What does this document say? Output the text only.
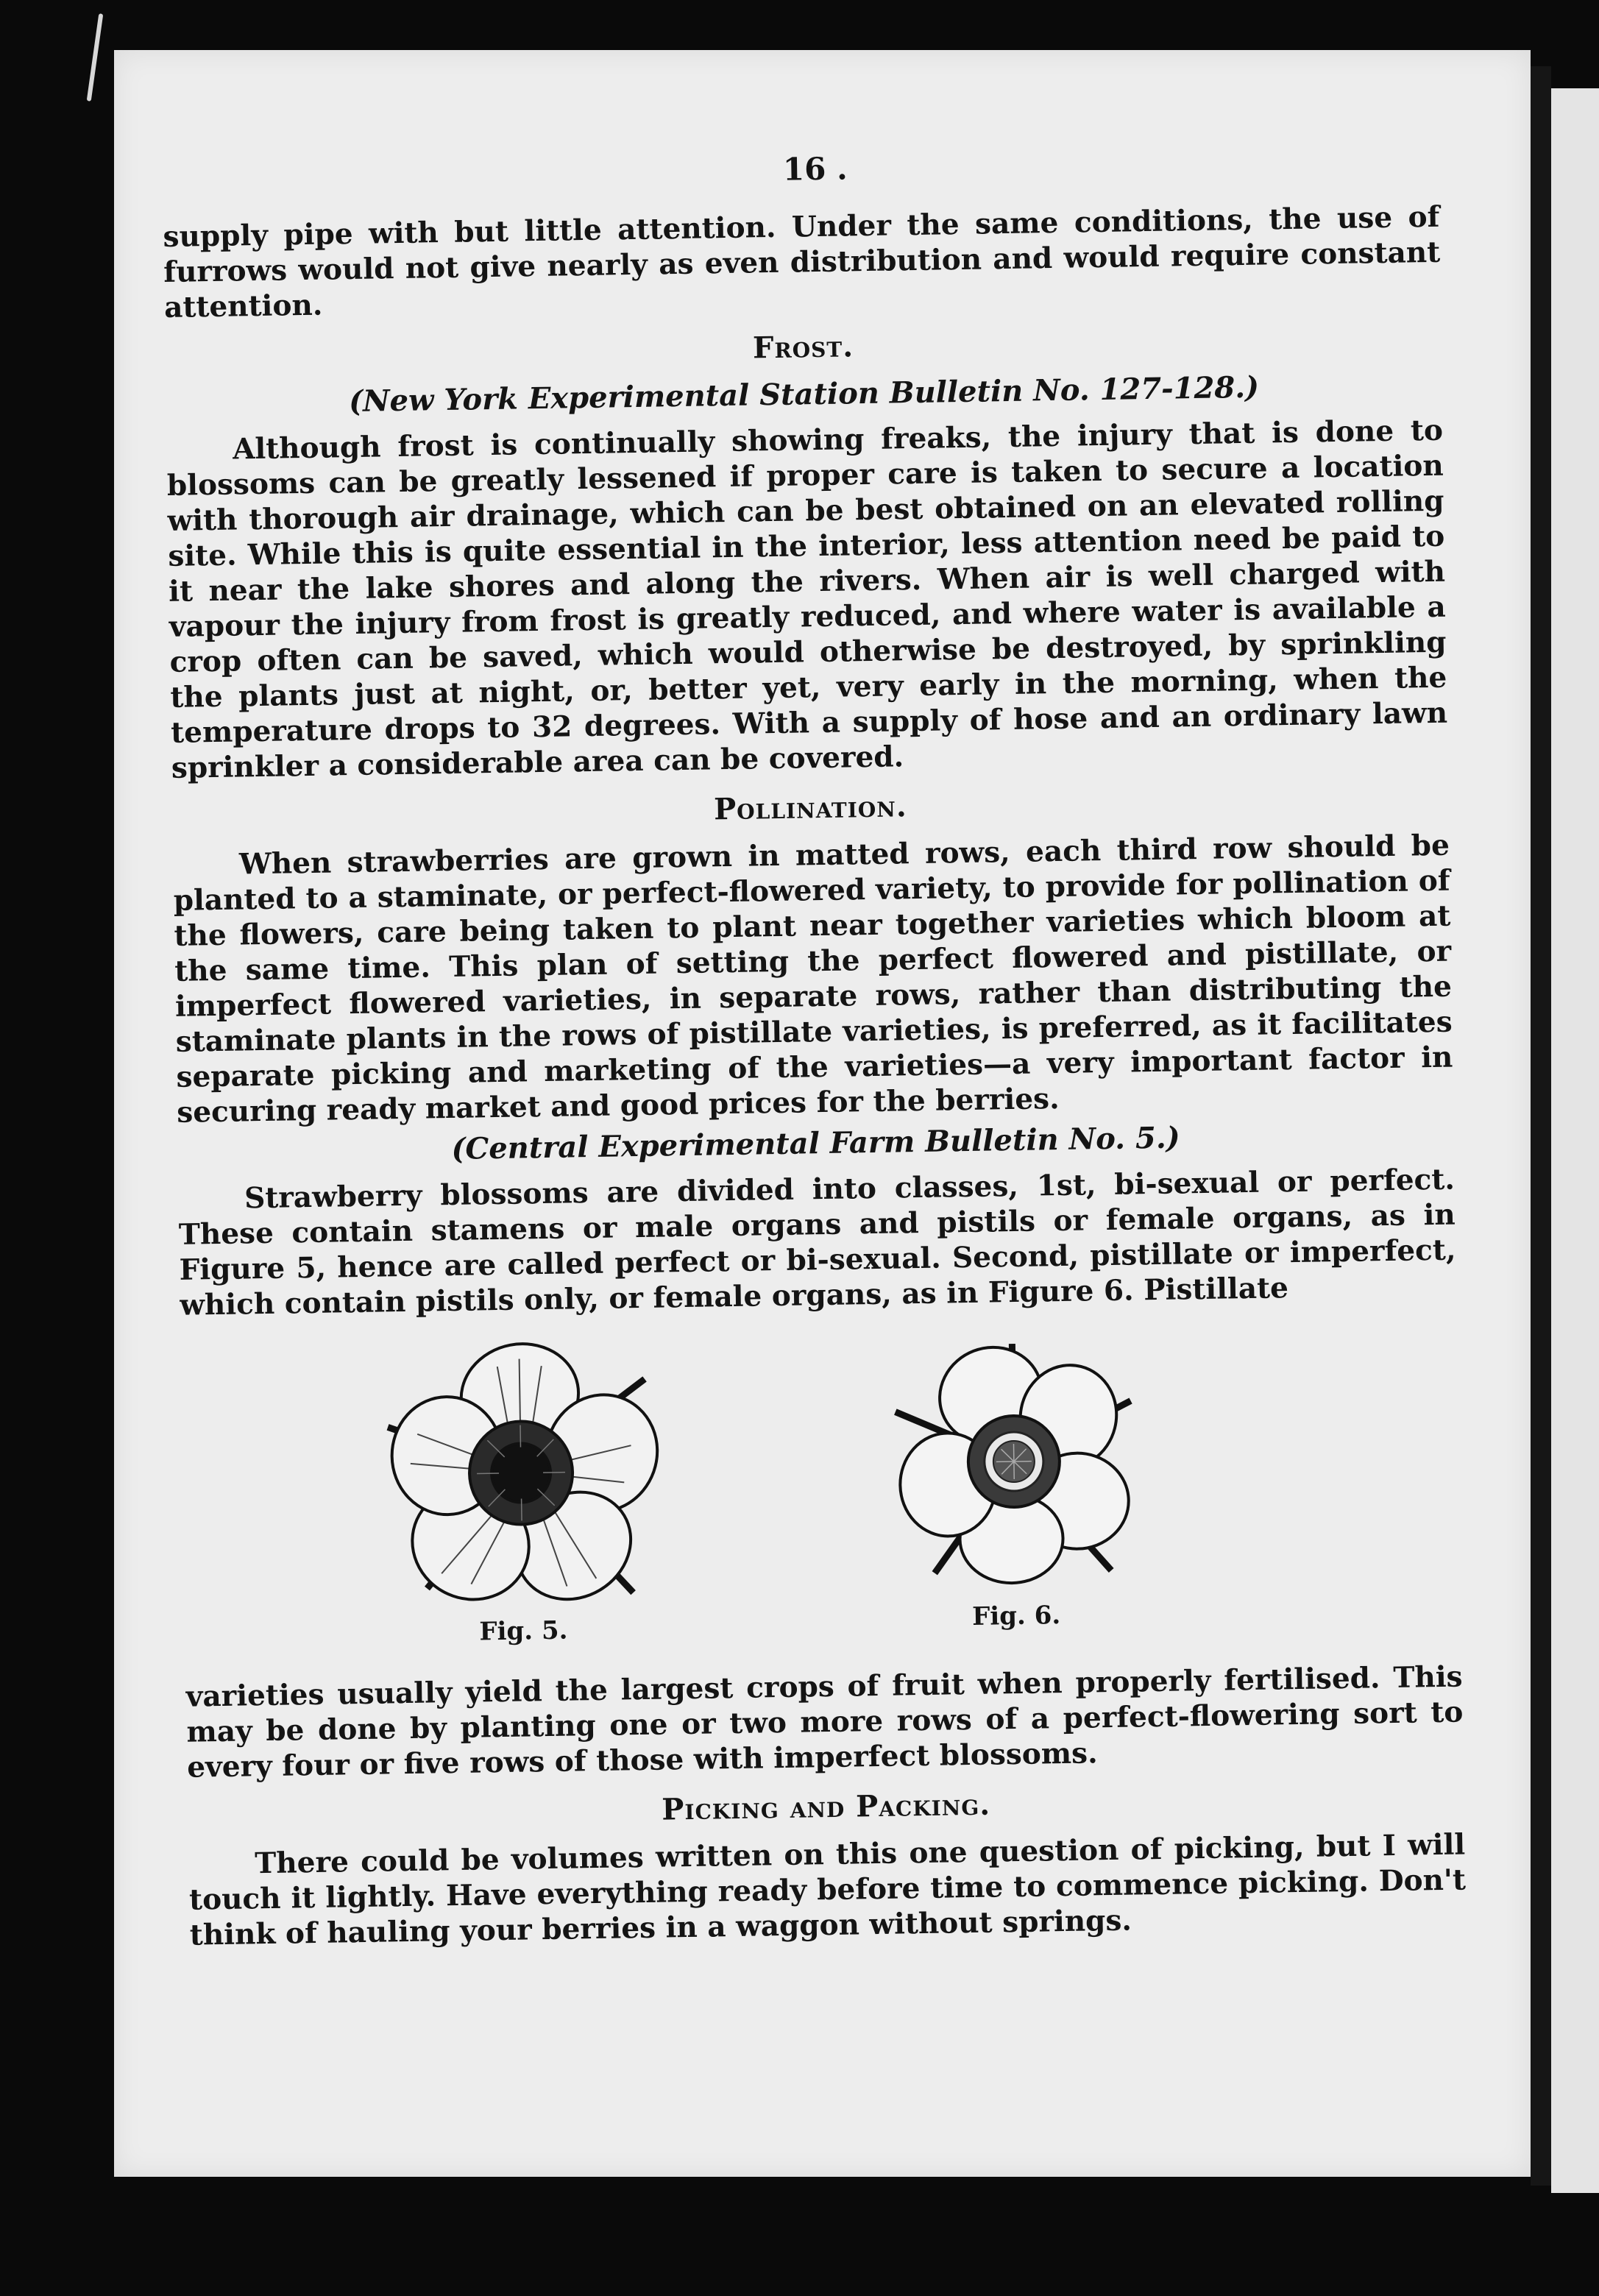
16 .

supply pipe with but little attention. Under the same conditions, the use of furrows would not give nearly as even distribution and would require constant attention.

Frost.
(New York Experimental Station Bulletin No. 127-128.)

Although frost is continually showing freaks, the injury that is done to blossoms can be greatly lessened if proper care is taken to secure a location with thorough air drainage, which can be best obtained on an elevated rolling site. While this is quite essential in the interior, less attention need be paid to it near the lake shores and along the rivers. When air is well charged with vapour the injury from frost is greatly reduced, and where water is available a crop often can be saved, which would otherwise be destroyed, by sprinkling the plants just at night, or, better yet, very early in the morning, when the temperature drops to 32 degrees. With a supply of hose and an ordinary lawn sprinkler a considerable area can be covered.

Pollination.

When strawberries are grown in matted rows, each third row should be planted to a staminate, or perfect-flowered variety, to provide for pollination of the flowers, care being taken to plant near together varieties which bloom at the same time. This plan of setting the perfect flowered and pistillate, or imperfect flowered varieties, in separate rows, rather than distributing the staminate plants in the rows of pistillate varieties, is preferred, as it facilitates separate picking and marketing of the varieties—a very important factor in securing ready market and good prices for the berries.

(Central Experimental Farm Bulletin No. 5.)

Strawberry blossoms are divided into classes, 1st, bi-sexual or perfect. These contain stamens or male organs and pistils or female organs, as in Figure 5, hence are called perfect or bi-sexual. Second, pistillate or imperfect, which contain pistils only, or female organs, as in Figure 6. Pistillate

Fig. 5.	Fig. 6.

varieties usually yield the largest crops of fruit when properly fertilised. This may be done by planting one or two more rows of a perfect-flowering sort to every four or five rows of those with imperfect blossoms.

Picking and Packing.

There could be volumes written on this one question of picking, but I will touch it lightly. Have everything ready before time to commence picking. Don't think of hauling your berries in a waggon without springs.
